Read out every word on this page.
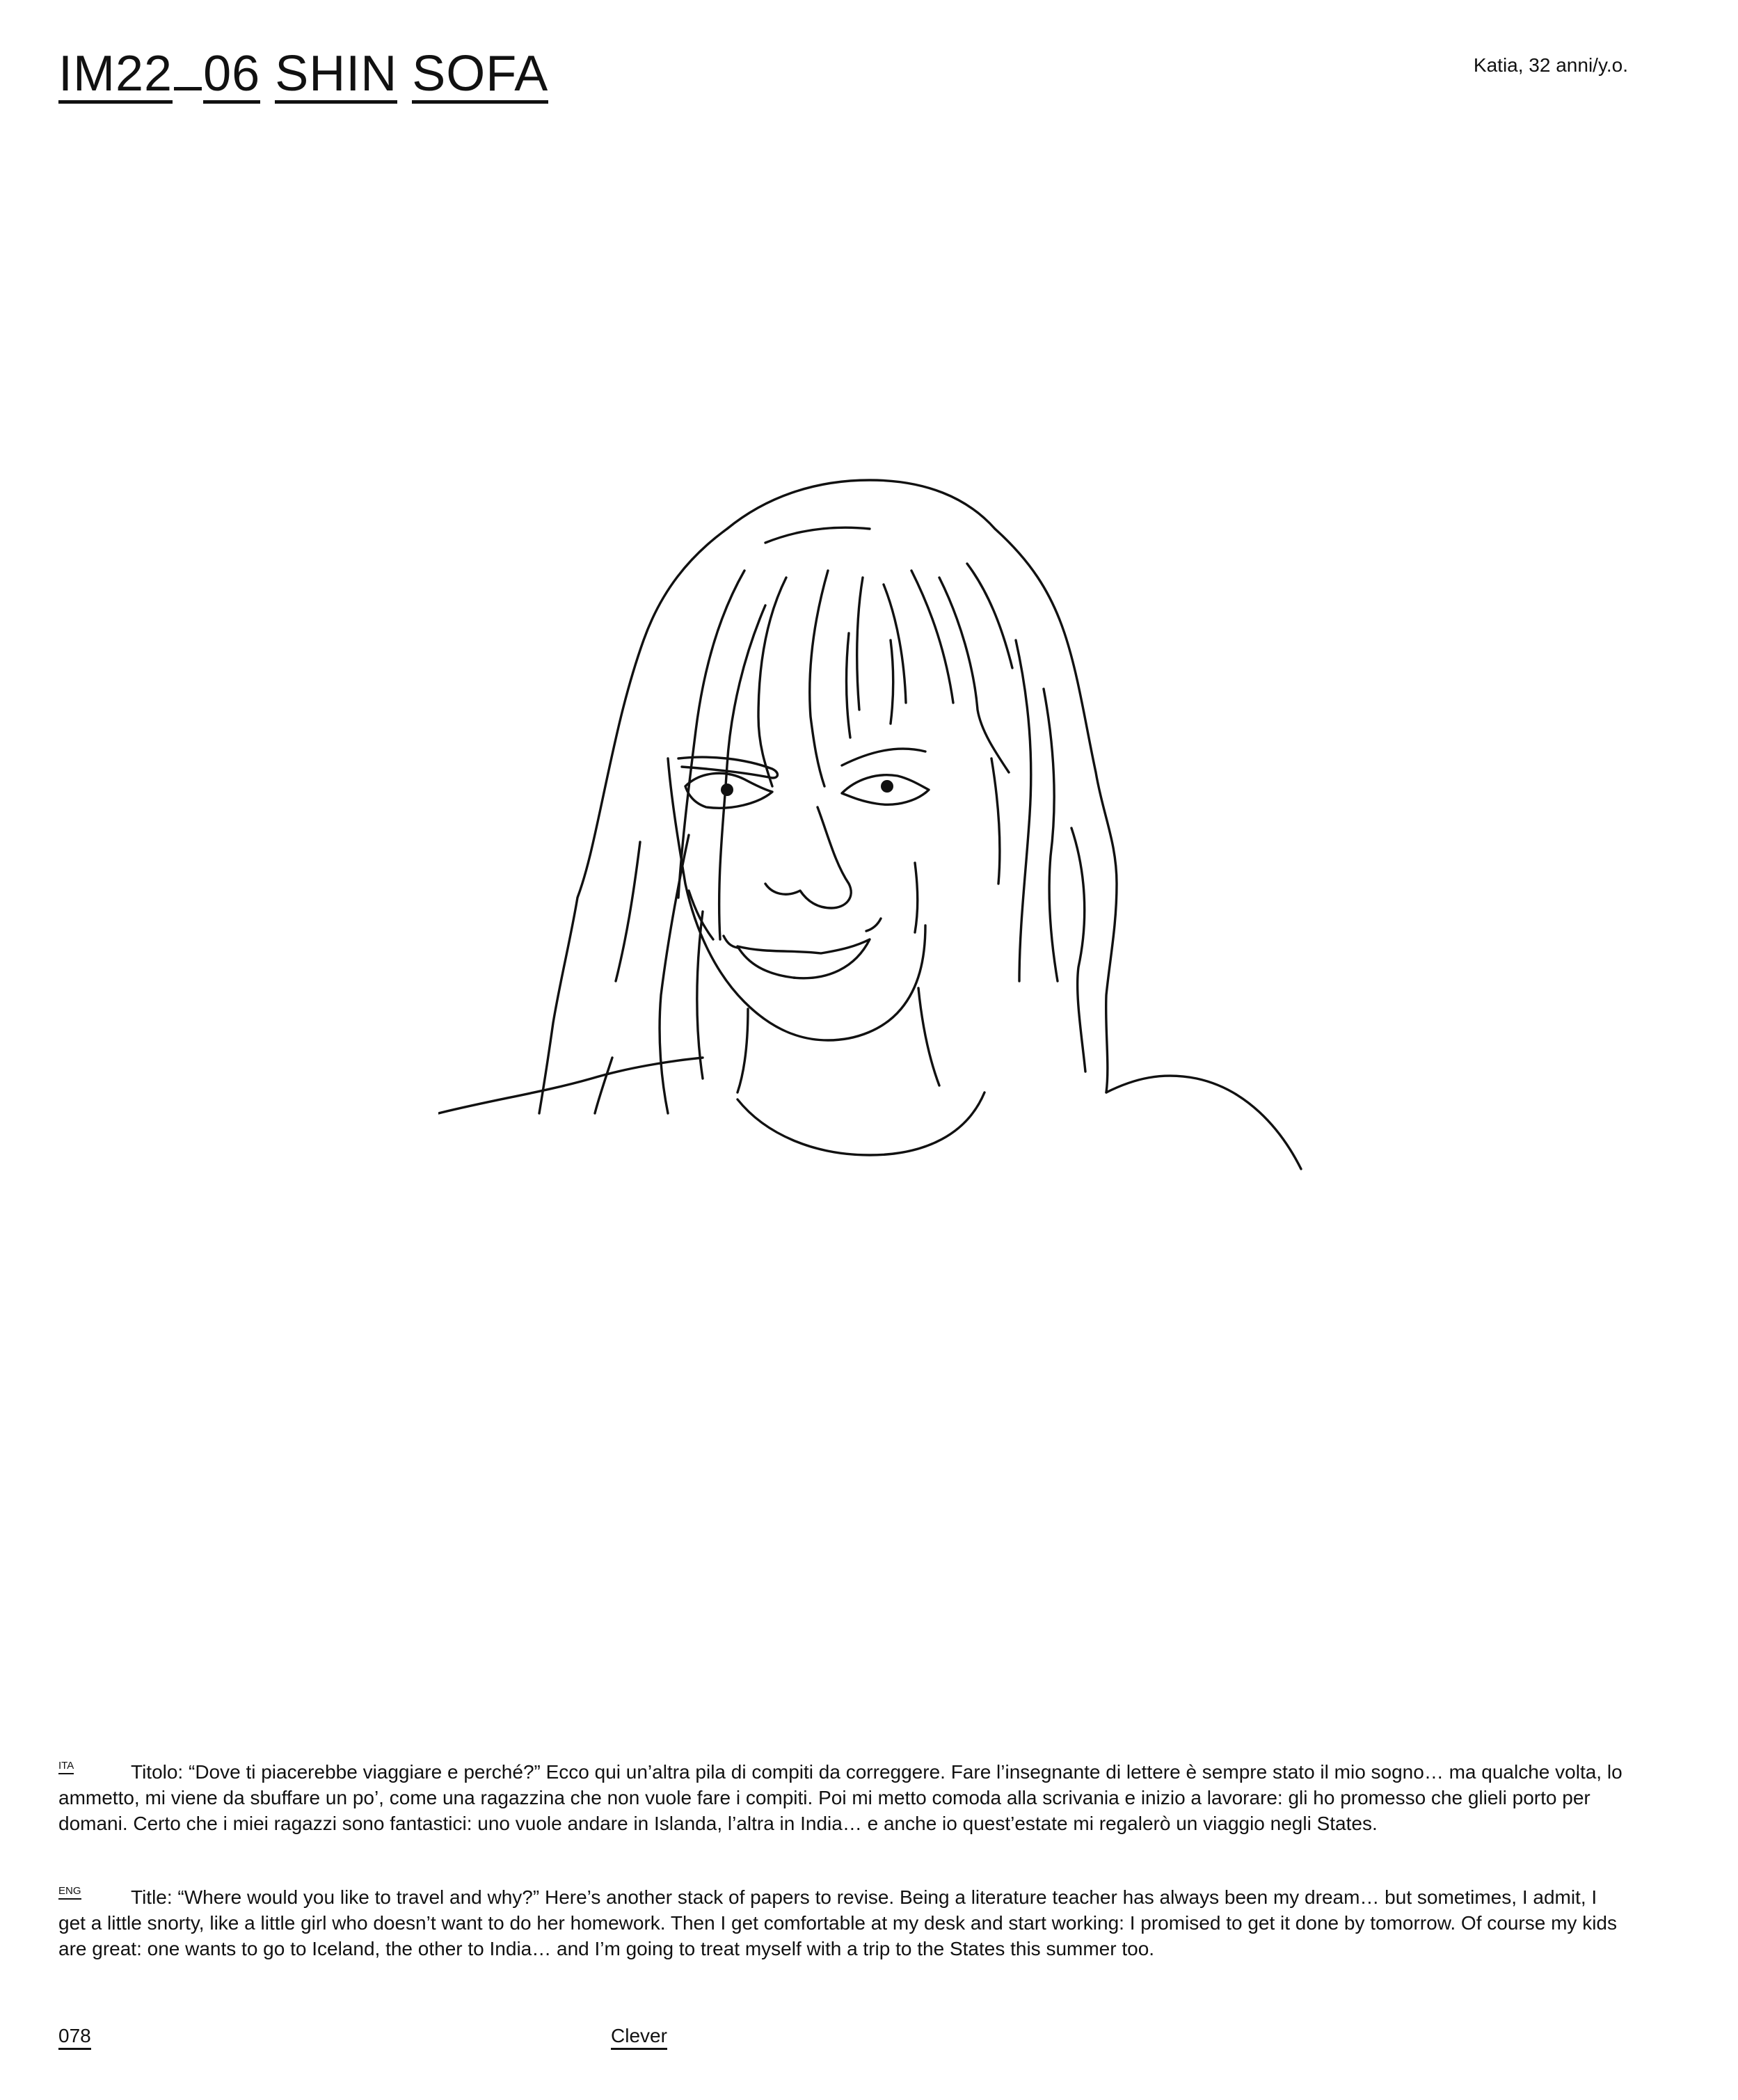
IM22 06 SHIN SOFA	Katia, 32 anni/y.o.

ITA	Titolo: “Dove ti piacerebbe viaggiare e perché?” Ecco qui un’altra pila di compiti da correggere. Fare l’insegnante di lettere è sempre stato il mio sogno… ma qualche volta, lo ammetto, mi viene da sbuffare un po’, come una ragazzina che non vuole fare i compiti. Poi mi metto comoda alla scrivania e inizio a lavorare: gli ho promesso che glieli porto per domani. Certo che i miei ragazzi sono fantastici: uno vuole andare in Islanda, l’altra in India… e anche io quest’estate mi regalerò un viaggio negli States.

ENG	Title: “Where would you like to travel and why?” Here’s another stack of papers to revise. Being a literature teacher has always been my dream… but sometimes, I admit, I get a little snorty, like a little girl who doesn’t want to do her homework. Then I get comfortable at my desk and start working: I promised to get it done by tomorrow. Of course my kids are great: one wants to go to Iceland, the other to India… and I’m going to treat myself with a trip to the States this summer too.

078	Clever
